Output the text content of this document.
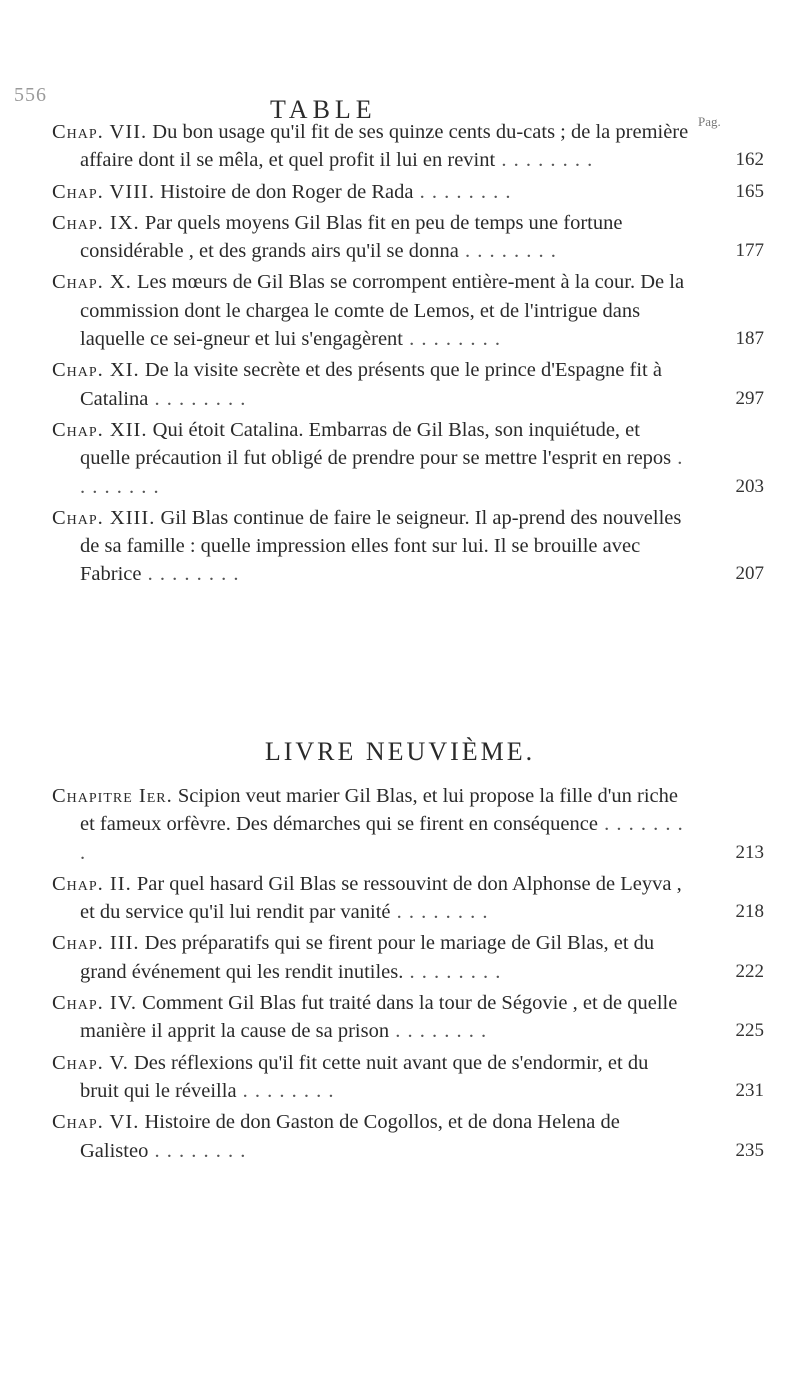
556	TABLE	Pag.
Chap. VII. Du bon usage qu'il fit de ses quinze cents du-cats ; de la première affaire dont il se mêla, et quel profit il lui en revint . . . . . . . .	162
Chap. VIII. Histoire de don Roger de Rada . . . . . . . .	165
Chap. IX. Par quels moyens Gil Blas fit en peu de temps une fortune considérable , et des grands airs qu'il se donna . . . . . . . .	177
Chap. X. Les mœurs de Gil Blas se corrompent entière-ment à la cour. De la commission dont le chargea le comte de Lemos, et de l'intrigue dans laquelle ce sei-gneur et lui s'engagèrent . . . . . . . .	187
Chap. XI. De la visite secrète et des présents que le prince d'Espagne fit à Catalina . . . . . . . .	297
Chap. XII. Qui étoit Catalina. Embarras de Gil Blas, son inquiétude, et quelle précaution il fut obligé de prendre pour se mettre l'esprit en repos . . . . . . . .	203
Chap. XIII. Gil Blas continue de faire le seigneur. Il ap-prend des nouvelles de sa famille : quelle impression elles font sur lui. Il se brouille avec Fabrice . . . . . . . .	207
LIVRE NEUVIÈME.
Chapitre Ier. Scipion veut marier Gil Blas, et lui propose la fille d'un riche et fameux orfèvre. Des démarches qui se firent en conséquence . . . . . . . .	213
Chap. II. Par quel hasard Gil Blas se ressouvint de don Alphonse de Leyva , et du service qu'il lui rendit par vanité . . . . . . . .	218
Chap. III. Des préparatifs qui se firent pour le mariage de Gil Blas, et du grand événement qui les rendit inutiles. . . . . . . . .	222
Chap. IV. Comment Gil Blas fut traité dans la tour de Ségovie , et de quelle manière il apprit la cause de sa prison . . . . . . . .	225
Chap. V. Des réflexions qu'il fit cette nuit avant que de s'endormir, et du bruit qui le réveilla . . . . . . . .	231
Chap. VI. Histoire de don Gaston de Cogollos, et de dona Helena de Galisteo . . . . . . . .	235
